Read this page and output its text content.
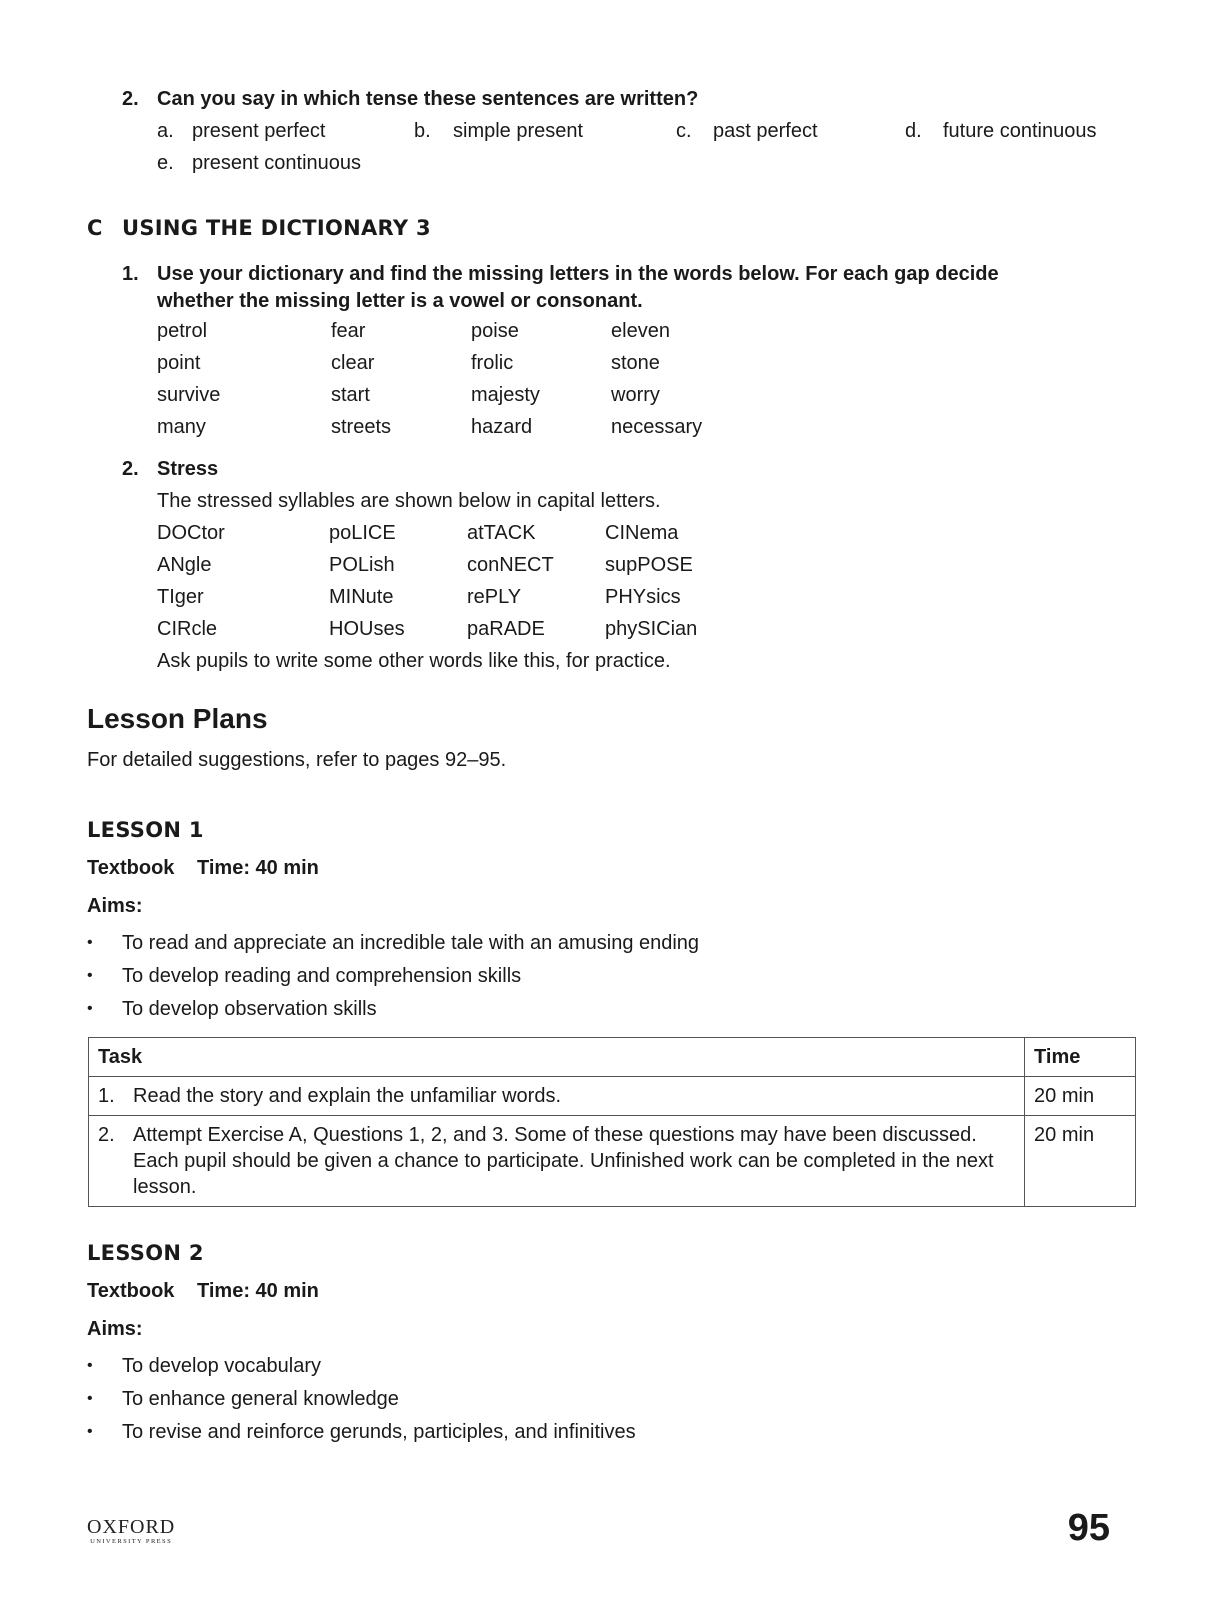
2. Can you say in which tense these sentences are written?
a. present perfect	b. simple present	c. past perfect	d. future continuous
e. present continuous
C USING THE DICTIONARY 3
1. Use your dictionary and find the missing letters in the words below. For each gap decide
whether the missing letter is a vowel or consonant.
petrol	fear	poise	eleven
point	clear	frolic	stone
survive	start	majesty	worry
many	streets	hazard	necessary
2. Stress
The stressed syllables are shown below in capital letters.
DOCtor	poLICE	atTACK	CINema
ANgle	POLish	conNECT	supPOSE
TIger	MINute	rePLY	PHYsics
CIRcle	HOUses	paRADE	phySICian
Ask pupils to write some other words like this, for practice.
Lesson Plans
For detailed suggestions, refer to pages 92–95.
LESSON 1
Textbook Time: 40 min
Aims:
• To read and appreciate an incredible tale with an amusing ending
• To develop reading and comprehension skills
• To develop observation skills
Task	Time

1. Read the story and explain the unfamiliar words.	20 min

2. Attempt Exercise A, Questions 1, 2, and 3. Some of these questions may have been discussed. Each pupil should be given a chance to participate. Unfinished work can be completed in the next lesson.	20 min
LESSON 2
Textbook Time: 40 min
Aims:
• To develop vocabulary
• To enhance general knowledge
• To revise and reinforce gerunds, participles, and infinitives
OXFORD
UNIVERSITY PRESS	95
